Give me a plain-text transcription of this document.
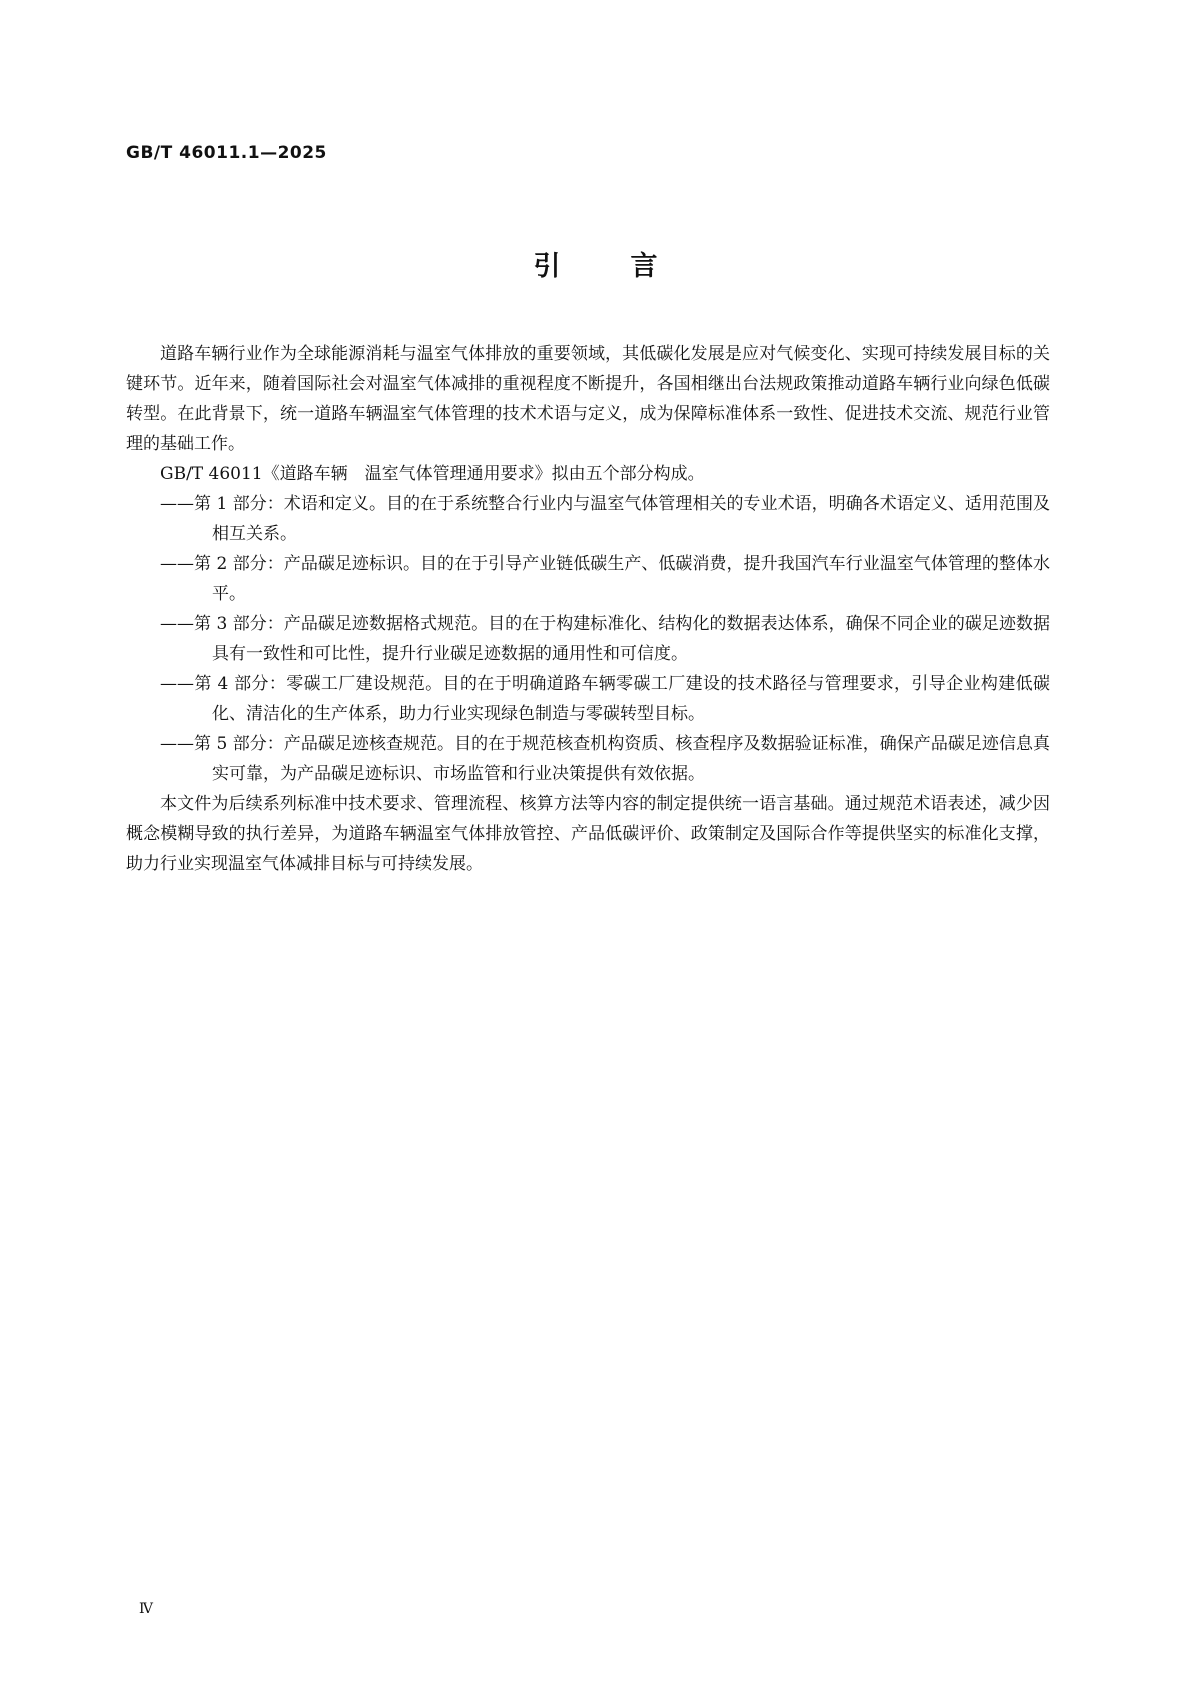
GB/T 46011.1—2025
引言

道路车辆行业作为全球能源消耗与温室气体排放的重要领域，其低碳化发展是应对气候变化、实现可持续发展目标的关键环节。近年来，随着国际社会对温室气体减排的重视程度不断提升，各国相继出台法规政策推动道路车辆行业向绿色低碳转型。在此背景下，统一道路车辆温室气体管理的技术术语与定义，成为保障标准体系一致性、促进技术交流、规范行业管理的基础工作。

GB/T 46011《道路车辆　温室气体管理通用要求》拟由五个部分构成。

——第 1 部分：术语和定义。目的在于系统整合行业内与温室气体管理相关的专业术语，明确各术语定义、适用范围及相互关系。

——第 2 部分：产品碳足迹标识。目的在于引导产业链低碳生产、低碳消费，提升我国汽车行业温室气体管理的整体水平。

——第 3 部分：产品碳足迹数据格式规范。目的在于构建标准化、结构化的数据表达体系，确保不同企业的碳足迹数据具有一致性和可比性，提升行业碳足迹数据的通用性和可信度。

——第 4 部分：零碳工厂建设规范。目的在于明确道路车辆零碳工厂建设的技术路径与管理要求，引导企业构建低碳化、清洁化的生产体系，助力行业实现绿色制造与零碳转型目标。

——第 5 部分：产品碳足迹核查规范。目的在于规范核查机构资质、核查程序及数据验证标准，确保产品碳足迹信息真实可靠，为产品碳足迹标识、市场监管和行业决策提供有效依据。

本文件为后续系列标准中技术要求、管理流程、核算方法等内容的制定提供统一语言基础。通过规范术语表述，减少因概念模糊导致的执行差异，为道路车辆温室气体排放管控、产品低碳评价、政策制定及国际合作等提供坚实的标准化支撑，助力行业实现温室气体减排目标与可持续发展。

Ⅳ
